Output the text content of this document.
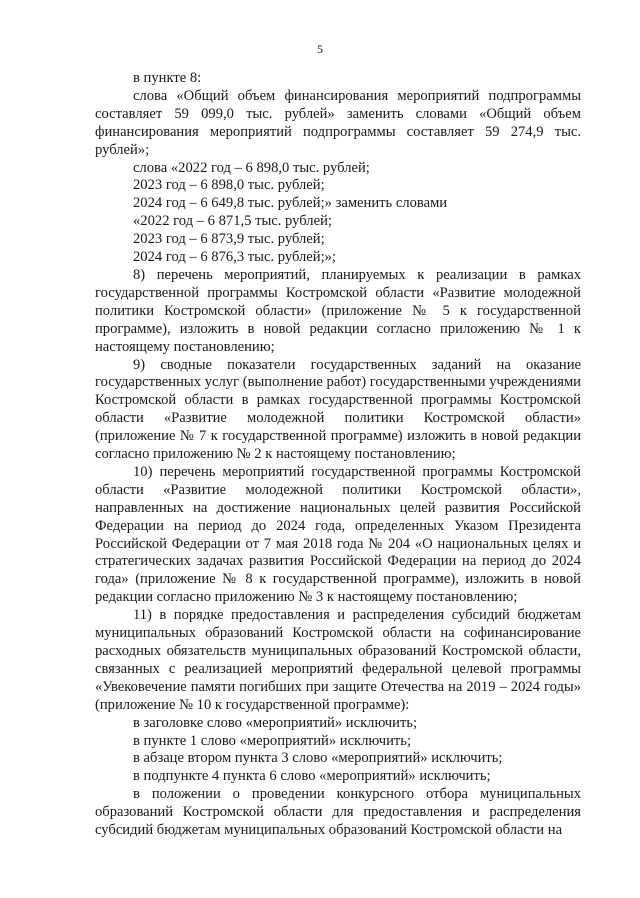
5

в пункте 8:

слова «Общий объем финансирования мероприятий подпрограммы составляет 59 099,0 тыс. рублей» заменить словами «Общий объем финансирования мероприятий подпрограммы составляет 59 274,9 тыс. рублей»;

слова «2022 год – 6 898,0 тыс. рублей;

2023 год – 6 898,0 тыс. рублей;

2024 год – 6 649,8 тыс. рублей;» заменить словами

«2022 год – 6 871,5 тыс. рублей;

2023 год – 6 873,9 тыс. рублей;

2024 год – 6 876,3 тыс. рублей;»;

8) перечень мероприятий, планируемых к реализации в рамках государственной программы Костромской области «Развитие молодежной политики Костромской области» (приложение № 5 к государственной программе), изложить в новой редакции согласно приложению № 1 к настоящему постановлению;

9) сводные показатели государственных заданий на оказание государственных услуг (выполнение работ) государственными учреждениями Костромской области в рамках государственной программы Костромской области «Развитие молодежной политики Костромской области» (приложение № 7 к государственной программе) изложить в новой редакции согласно приложению № 2 к настоящему постановлению;

10) перечень мероприятий государственной программы Костромской области «Развитие молодежной политики Костромской области», направленных на достижение национальных целей развития Российской Федерации на период до 2024 года, определенных Указом Президента Российской Федерации от 7 мая 2018 года № 204 «О национальных целях и стратегических задачах развития Российской Федерации на период до 2024 года» (приложение № 8 к государственной программе), изложить в новой редакции согласно приложению № 3 к настоящему постановлению;

11) в порядке предоставления и распределения субсидий бюджетам муниципальных образований Костромской области на софинансирование расходных обязательств муниципальных образований Костромской области, связанных с реализацией мероприятий федеральной целевой программы «Увековечение памяти погибших при защите Отечества на 2019 – 2024 годы» (приложение № 10 к государственной программе):

в заголовке слово «мероприятий» исключить;

в пункте 1 слово «мероприятий» исключить;

в абзаце втором пункта 3 слово «мероприятий» исключить;

в подпункте 4 пункта 6 слово «мероприятий» исключить;

в положении о проведении конкурсного отбора муниципальных образований Костромской области для предоставления и распределения субсидий бюджетам муниципальных образований Костромской области на
